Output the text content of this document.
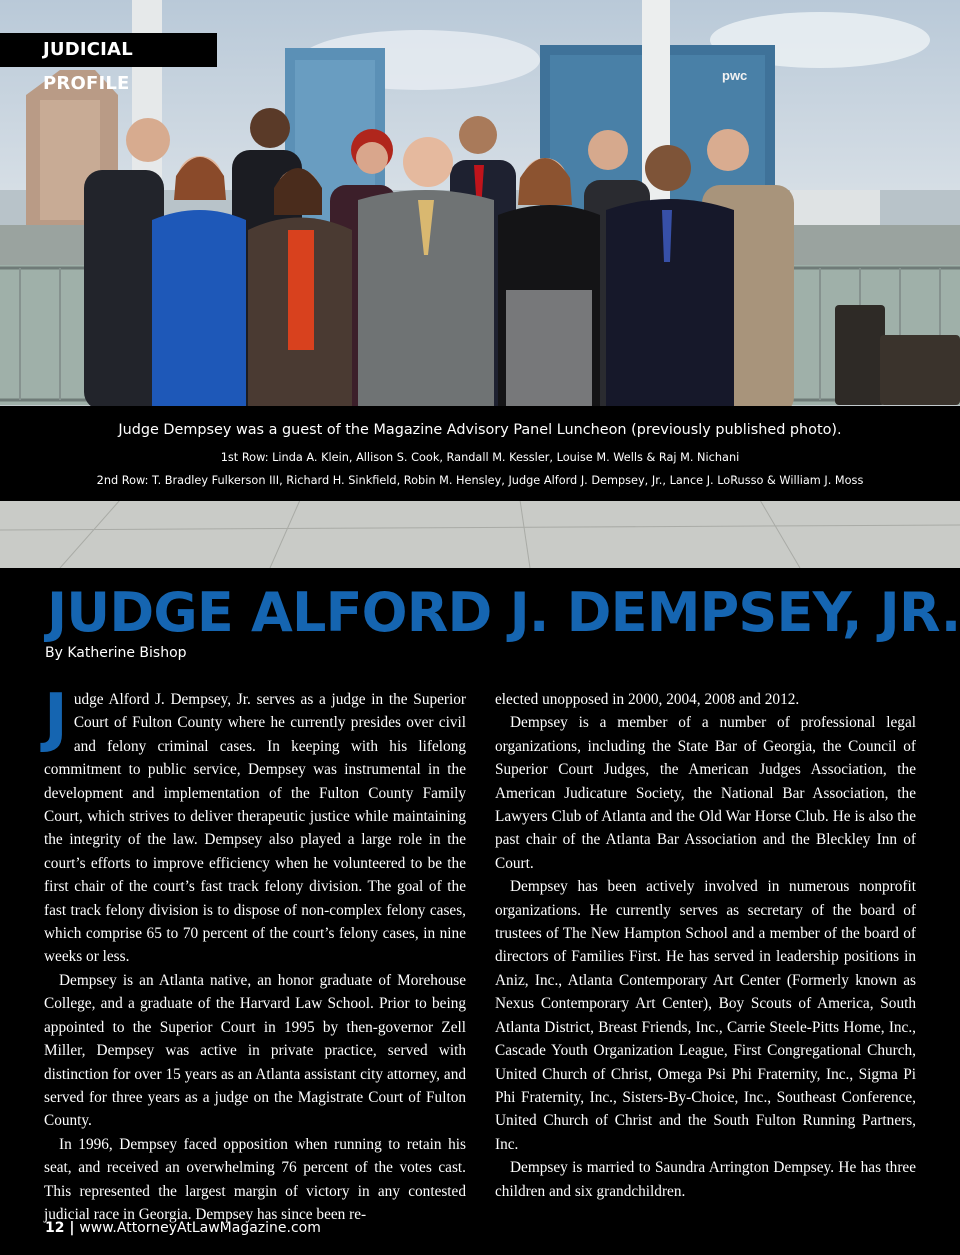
pwc
JUDICIAL PROFILE
Judge Dempsey was a guest of the Magazine Advisory Panel Luncheon (previously published photo).
1st Row: Linda A. Klein, Allison S. Cook, Randall M. Kessler, Louise M. Wells & Raj M. Nichani
2nd Row: T. Bradley Fulkerson III, Richard H. Sinkfield, Robin M. Hensley, Judge Alford J. Dempsey, Jr., Lance J. LoRusso & William J. Moss
JUDGE ALFORD J. DEMPSEY, JR.
By Katherine Bishop

Judge Alford J. Dempsey, Jr. serves as a judge in the Superior Court of Fulton County where he currently presides over civil and felony criminal cases. In keeping with his lifelong commitment to public service, Dempsey was instrumental in the development and implementation of the Fulton County Family Court, which strives to deliver therapeutic justice while maintaining the integrity of the law. Dempsey also played a large role in the court’s efforts to improve efficiency when he volunteered to be the first chair of the court’s fast track felony division. The goal of the fast track felony division is to dispose of non-complex felony cases, which comprise 65 to 70 percent of the court’s felony cases, in nine weeks or less.

Dempsey is an Atlanta native, an honor graduate of Morehouse College, and a graduate of the Harvard Law School. Prior to being appointed to the Superior Court in 1995 by then-governor Zell Miller, Dempsey was active in private practice, served with distinction for over 15 years as an Atlanta assistant city attorney, and served for three years as a judge on the Magistrate Court of Fulton County.

In 1996, Dempsey faced opposition when running to retain his seat, and received an overwhelming 76 percent of the votes cast. This represented the largest margin of victory in any contested judicial race in Georgia. Dempsey has since been re-

elected unopposed in 2000, 2004, 2008 and 2012.

Dempsey is a member of a number of professional legal organizations, including the State Bar of Georgia, the Council of Superior Court Judges, the American Judges Association, the American Judicature Society, the National Bar Association, the Lawyers Club of Atlanta and the Old War Horse Club. He is also the past chair of the Atlanta Bar Association and the Bleckley Inn of Court.

Dempsey has been actively involved in numerous nonprofit organizations. He currently serves as secretary of the board of trustees of The New Hampton School and a member of the board of directors of Families First. He has served in leadership positions in Aniz, Inc., Atlanta Contemporary Art Center (Formerly known as Nexus Contemporary Art Center), Boy Scouts of America, South Atlanta District, Breast Friends, Inc., Carrie Steele-Pitts Home, Inc., Cascade Youth Organization League, First Congregational Church, United Church of Christ, Omega Psi Phi Fraternity, Inc., Sigma Pi Phi Fraternity, Inc., Sisters-By-Choice, Inc., Southeast Conference, United Church of Christ and the South Fulton Running Partners, Inc.

Dempsey is married to Saundra Arrington Dempsey. He has three children and six grandchildren.

12 | www.AttorneyAtLawMagazine.com
